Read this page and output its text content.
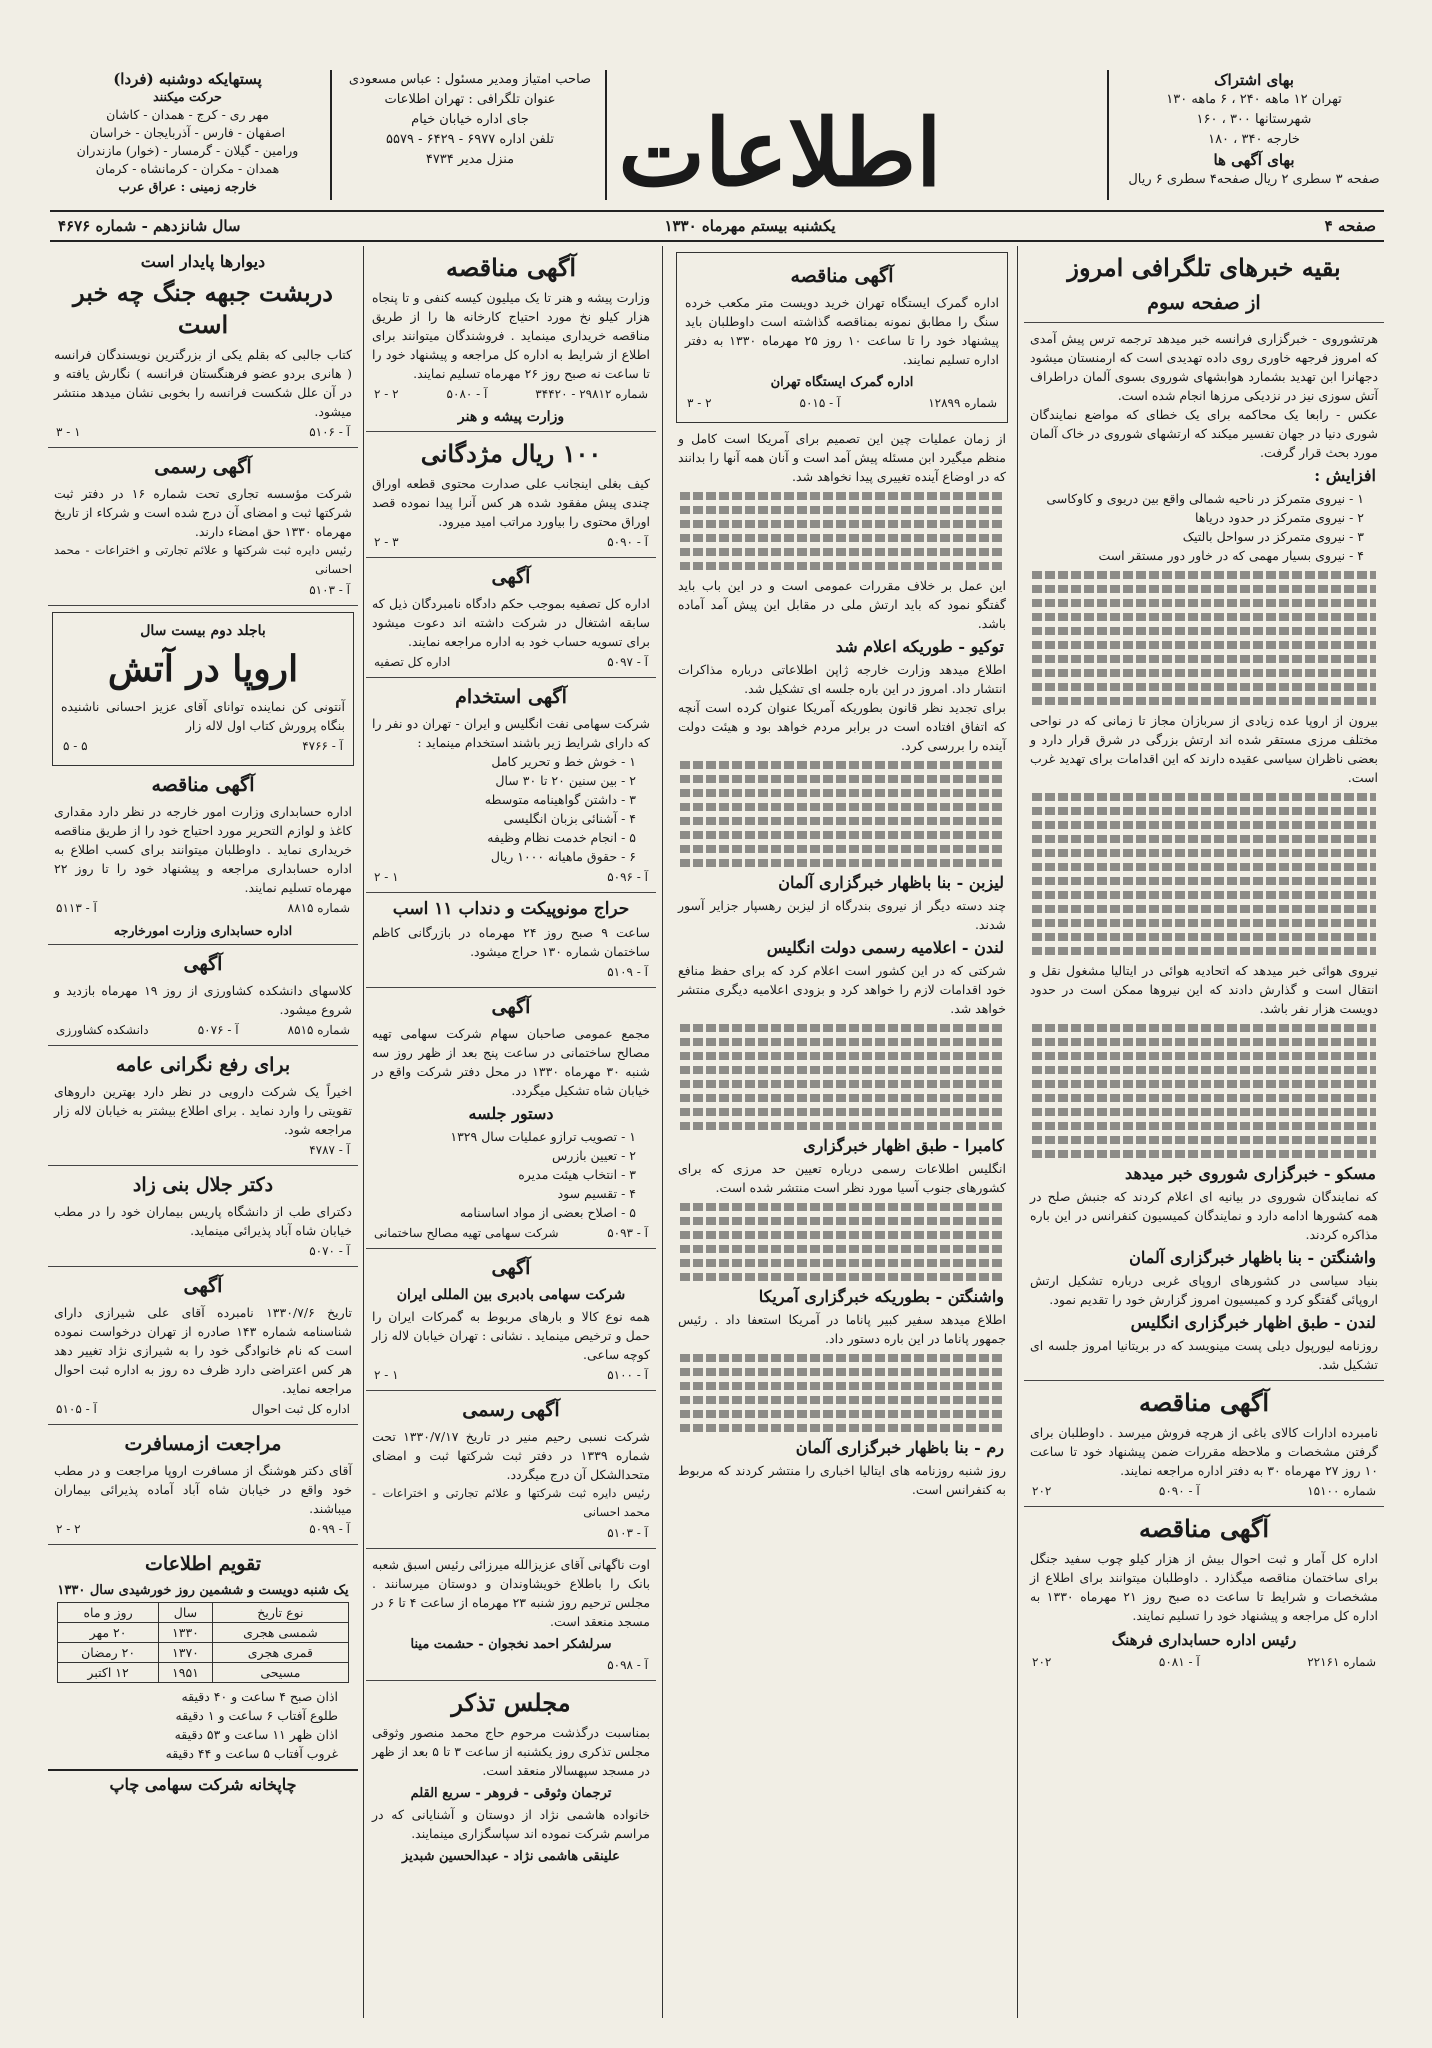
بهای اشتراک
تهران ۱۲ ماهه ۲۴۰ ، ۶ ماهه ۱۳۰
شهرستانها ۳۰۰ ، ۱۶۰
خارجه ۳۴۰ ، ۱۸۰
بهای آگهی ها
صفحه ۳ سطری ۲ ریال صفحه۴ سطری ۶ ریال
اطلاعات
صاحب امتیاز ومدیر مسئول : عباس مسعودی
عنوان تلگرافی : تهران اطلاعات
جای اداره خیابان خیام
تلفن اداره ۶۹۷۷ - ۶۴۲۹ - ۵۵۷۹
منزل مدیر ۴۷۳۴
پستهایکه دوشنبه (فردا)
حرکت میکنند
مهر ری - کرج - همدان - کاشان
اصفهان - فارس - آذربایجان - خراسان
ورامین - گیلان - گرمسار - (خوار) مازندران
همدان - مکران - کرمانشاه - کرمان
خارجه زمینی : عراق عرب
صفحه ۴
یکشنبه بیستم مهرماه ۱۳۳۰
سال شانزدهم - شماره ۴۶۷۶
بقیه خبرهای تلگرافی امروز
از صفحه سوم

هرتشوروی - خبرگزاری فرانسه خبر میدهد ترجمه ترس پیش آمدی که امروز فرجهه خاوری روی داده تهدیدی است که ارمنستان میشود دجهانرا ابن تهدید بشمارد هوابشهای شوروی بسوی آلمان دراطراف آتش سوزی نیز در نزدیکی مرزها انجام شده است.

عکس - رابعا یک محاکمه برای یک خطای که مواضع نمایندگان شوری دنیا در جهان تفسیر میکند که ارتشهای شوروی در خاک آلمان مورد بحث قرار گرفت.

افزایش :
۱ - نیروی متمرکز در ناحیه شمالی واقع بین دریوی و کاوکاسی
۲ - نیروی متمرکز در حدود دریاها
۳ - نیروی متمرکز در سواحل بالتیک
۴ - نیروی بسیار مهمی که در خاور دور مستقر است

بیرون از اروپا عده زیادی از سربازان مجاز تا زمانی که در نواحی مختلف مرزی مستقر شده اند ارتش بزرگی در شرق قرار دارد و بعضی ناظران سیاسی عقیده دارند که این اقدامات برای تهدید غرب است.

نیروی هوائی خبر میدهد که اتحادیه هوائی در ایتالیا مشغول نقل و انتقال است و گذارش دادند که این نیروها ممکن است در حدود دویست هزار نفر باشد.

مسکو - خبرگزاری شوروی خبر میدهد

که نمایندگان شوروی در بیانیه ای اعلام کردند که جنبش صلح در همه کشورها ادامه دارد و نمایندگان کمیسیون کنفرانس در این باره مذاکره کردند.

واشنگتن - بنا باظهار خبرگزاری آلمان

بنیاد سیاسی در کشورهای اروپای غربی درباره تشکیل ارتش اروپائی گفتگو کرد و کمیسیون امروز گزارش خود را تقدیم نمود.

لندن - طبق اظهار خبرگزاری انگلیس

روزنامه لیورپول دیلی پست مینویسد که در بریتانیا امروز جلسه ای تشکیل شد.

آگهی مناقصه

نامبرده ادارات کالای باغی از هرچه فروش میرسد . داوطلبان برای گرفتن مشخصات و ملاحظه مقررات ضمن پیشنهاد خود تا ساعت ۱۰ روز ۲۷ مهرماه ۳۰ به دفتر اداره مراجعه نمایند.

شماره ۱۵۱۰۰
آ - ۵۰۹۰
۲۰۲
آگهی مناقصه

اداره کل آمار و ثبت احوال بیش از هزار کیلو چوب سفید جنگل برای ساختمان مناقصه میگذارد . داوطلبان میتوانند برای اطلاع از مشخصات و شرایط تا ساعت ده صبح روز ۲۱ مهرماه ۱۳۳۰ به اداره کل مراجعه و پیشنهاد خود را تسلیم نمایند.

رئیس اداره حسابداری فرهنگ
شماره ۲۲۱۶۱
آ - ۵۰۸۱
۲۰۲
آگهی مناقصه

اداره گمرک ایستگاه تهران خرید دویست متر مکعب خرده سنگ را مطابق نمونه بمناقصه گذاشته است داوطلبان باید پیشنهاد خود را تا ساعت ۱۰ روز ۲۵ مهرماه ۱۳۳۰ به دفتر اداره تسلیم نمایند.

اداره گمرک ایستگاه تهران
شماره ۱۲۸۹۹
آ - ۵۰۱۵
۲ - ۳

از زمان عملیات چین این تصمیم برای آمریکا است کامل و منظم میگیرد ابن مسئله پیش آمد است و آنان همه آنها را بدانند که در اوضاع آینده تغییری پیدا نخواهد شد.

این عمل بر خلاف مقررات عمومی است و در این باب باید گفتگو نمود که باید ارتش ملی در مقابل این پیش آمد آماده باشد.

توکیو - طوریکه اعلام شد

اطلاع میدهد وزارت خارجه ژاپن اطلاعاتی درباره مذاکرات انتشار داد. امروز در این باره جلسه ای تشکیل شد.

برای تجدید نظر قانون بطوریکه آمریکا عنوان کرده است آنچه که اتفاق افتاده است در برابر مردم خواهد بود و هیئت دولت آینده را بررسی کرد.

لیزبن - بنا باظهار خبرگزاری آلمان

چند دسته دیگر از نیروی بندرگاه از لیزبن رهسپار جزایر آسور شدند.

لندن - اعلامیه رسمی دولت انگلیس

شرکتی که در این کشور است اعلام کرد که برای حفظ منافع خود اقدامات لازم را خواهد کرد و بزودی اعلامیه دیگری منتشر خواهد شد.

کامبرا - طبق اظهار خبرگزاری

انگلیس اطلاعات رسمی درباره تعیین حد مرزی که برای کشورهای جنوب آسیا مورد نظر است منتشر شده است.

واشنگتن - بطوریکه خبرگزاری آمریکا

اطلاع میدهد سفیر کبیر پاناما در آمریکا استعفا داد . رئیس جمهور پاناما در این باره دستور داد.

رم - بنا باظهار خبرگزاری آلمان

روز شنبه روزنامه های ایتالیا اخباری را منتشر کردند که مربوط به کنفرانس است.

آگهی مناقصه

وزارت پیشه و هنر تا یک میلیون کیسه کنفی و تا پنجاه هزار کیلو نخ مورد احتیاج کارخانه ها را از طریق مناقصه خریداری مینماید . فروشندگان میتوانند برای اطلاع از شرایط به اداره کل مراجعه و پیشنهاد خود را تا ساعت نه صبح روز ۲۶ مهرماه تسلیم نمایند.

شماره ۲۹۸۱۲ - ۳۴۴۲۰
آ - ۵۰۸۰
۲ - ۲
وزارت پیشه و هنر
۱۰۰ ریال مژدگانی

کیف بغلی اینجانب علی صدارت محتوی قطعه اوراق چندی پیش مفقود شده هر کس آنرا پیدا نموده قصد اوراق محتوی را بیاورد مراتب امید میرود.

آ - ۵۰۹۰
۳ - ۲
آگهی

اداره کل تصفیه بموجب حکم دادگاه نامبردگان ذیل که سابقه اشتغال در شرکت داشته اند دعوت میشود برای تسویه حساب خود به اداره مراجعه نمایند.

آ - ۵۰۹۷
اداره کل تصفیه
آگهی استخدام

شرکت سهامی نفت انگلیس و ایران - تهران دو نفر را که دارای شرایط زیر باشند استخدام مینماید :

۱ - خوش خط و تحریر کامل
۲ - بین سنین ۲۰ تا ۳۰ سال
۳ - داشتن گواهینامه متوسطه
۴ - آشنائی بزبان انگلیسی
۵ - انجام خدمت نظام وظیفه
۶ - حقوق ماهیانه ۱۰۰۰ ریال
آ - ۵۰۹۶
۱ - ۲
حراج مونوپیکت و دنداب ۱۱ اسب

ساعت ۹ صبح روز ۲۴ مهرماه در بازرگانی کاظم ساختمان شماره ۱۳۰ حراج میشود.

آ - ۵۱۰۹
آگهی

مجمع عمومی صاحبان سهام شرکت سهامی تهیه مصالح ساختمانی در ساعت پنج بعد از ظهر روز سه شنبه ۳۰ مهرماه ۱۳۳۰ در محل دفتر شرکت واقع در خیابان شاه تشکیل میگردد.

دستور جلسه
۱ - تصویب ترازو عملیات سال ۱۳۲۹
۲ - تعیین بازرس
۳ - انتخاب هیئت مدیره
۴ - تقسیم سود
۵ - اصلاح بعضی از مواد اساسنامه
آ - ۵۰۹۳
شرکت سهامی تهیه مصالح ساختمانی
آگهی
شرکت سهامی بادبری بین المللی ایران

همه نوع کالا و بارهای مربوط به گمرکات ایران را حمل و ترخیص مینماید . نشانی : تهران خیابان لاله زار کوچه ساعی.

آ - ۵۱۰۰
۱ - ۲
آگهی رسمی

شرکت نسبی رحیم منیر در تاریخ ۱۳۳۰/۷/۱۷ تحت شماره ۱۳۳۹ در دفتر ثبت شرکتها ثبت و امضای متحدالشکل آن درج میگردد.

رئیس دایره ثبت شرکتها و علائم تجارتی و اختراعات - محمد احسانی

آ - ۵۱۰۳

اوت ناگهانی آقای عزیزالله میرزائی رئیس اسبق شعبه بانک را باطلاع خویشاوندان و دوستان میرسانند . مجلس ترحیم روز شنبه ۲۳ مهرماه از ساعت ۴ تا ۶ در مسجد منعقد است.

سرلشکر احمد نخجوان - حشمت مینا
آ - ۵۰۹۸
مجلس تذکر

بمناسبت درگذشت مرحوم حاج محمد منصور وثوقی مجلس تذکری روز یکشنبه از ساعت ۳ تا ۵ بعد از ظهر در مسجد سپهسالار منعقد است.

ترجمان وثوقی - فروهر - سریع القلم

خانواده هاشمی نژاد از دوستان و آشنایانی که در مراسم شرکت نموده اند سپاسگزاری مینمایند.

علینقی هاشمی نژاد - عبدالحسین شبدیز
دیوارها پایدار است
دربشت جبهه جنگ چه خبر است

کتاب جالبی که بقلم یکی از بزرگترین نویسندگان فرانسه ( هانری بردو عضو فرهنگستان فرانسه ) نگارش یافته و در آن علل شکست فرانسه را بخوبی نشان میدهد منتشر میشود.

آ - ۵۱۰۶
۱ - ۳
آگهی رسمی

شرکت مؤسسه تجاری تحت شماره ۱۶ در دفتر ثبت شرکتها ثبت و امضای آن درج شده است و شرکاء از تاریخ مهرماه ۱۳۳۰ حق امضاء دارند.

رئیس دایره ثبت شرکتها و علائم تجارتی و اختراعات - محمد احسانی

آ - ۵۱۰۳
باجلد دوم بیست سال
اروپا در آتش

آنتونی کن نماینده توانای آقای عزیز احسانی ناشنیده بنگاه پرورش کتاب اول لاله زار

آ - ۴۷۶۶
۵ - ۵
آگهی مناقصه

اداره حسابداری وزارت امور خارجه در نظر دارد مقداری کاغذ و لوازم التحریر مورد احتیاج خود را از طریق مناقصه خریداری نماید . داوطلبان میتوانند برای کسب اطلاع به اداره حسابداری مراجعه و پیشنهاد خود را تا روز ۲۲ مهرماه تسلیم نمایند.

شماره ۸۸۱۵
آ - ۵۱۱۳
اداره حسابداری وزارت امورخارجه
آگهی

کلاسهای دانشکده کشاورزی از روز ۱۹ مهرماه بازدید و شروع میشود.

شماره ۸۵۱۵
آ - ۵۰۷۶
دانشکده کشاورزی
برای رفع نگرانی عامه

اخیراً یک شرکت دارویی در نظر دارد بهترین داروهای تقویتی را وارد نماید . برای اطلاع بیشتر به خیابان لاله زار مراجعه شود.

آ - ۴۷۸۷
دکتر جلال بنی زاد

دکترای طب از دانشگاه پاریس بیماران خود را در مطب خیابان شاه آباد پذیرائی مینماید.

آ - ۵۰۷۰
آگهی

تاریخ ۱۳۳۰/۷/۶ نامبرده آقای علی شیرازی دارای شناسنامه شماره ۱۴۳ صادره از تهران درخواست نموده است که نام خانوادگی خود را به شیرازی نژاد تغییر دهد هر کس اعتراضی دارد ظرف ده روز به اداره ثبت احوال مراجعه نماید.

اداره کل ثبت احوال
آ - ۵۱۰۵
مراجعت ازمسافرت

آقای دکتر هوشنگ از مسافرت اروپا مراجعت و در مطب خود واقع در خیابان شاه آباد آماده پذیرائی بیماران میباشند.

آ - ۵۰۹۹
۲ - ۲
تقویم اطلاعات
یک شنبه دویست و ششمین روز خورشیدی سال ۱۳۳۰
نوع تاریخ	سال	روز و ماه
شمسی هجری	۱۳۳۰	۲۰ مهر
قمری هجری	۱۳۷۰	۲۰ رمضان
مسیحی	۱۹۵۱	۱۲ اکتبر
اذان صبح ۴ ساعت و ۴۰ دقیقه
طلوع آفتاب ۶ ساعت و ۱ دقیقه
اذان ظهر ۱۱ ساعت و ۵۳ دقیقه
غروب آفتاب ۵ ساعت و ۴۴ دقیقه
چاپخانه شرکت سهامی چاپ
